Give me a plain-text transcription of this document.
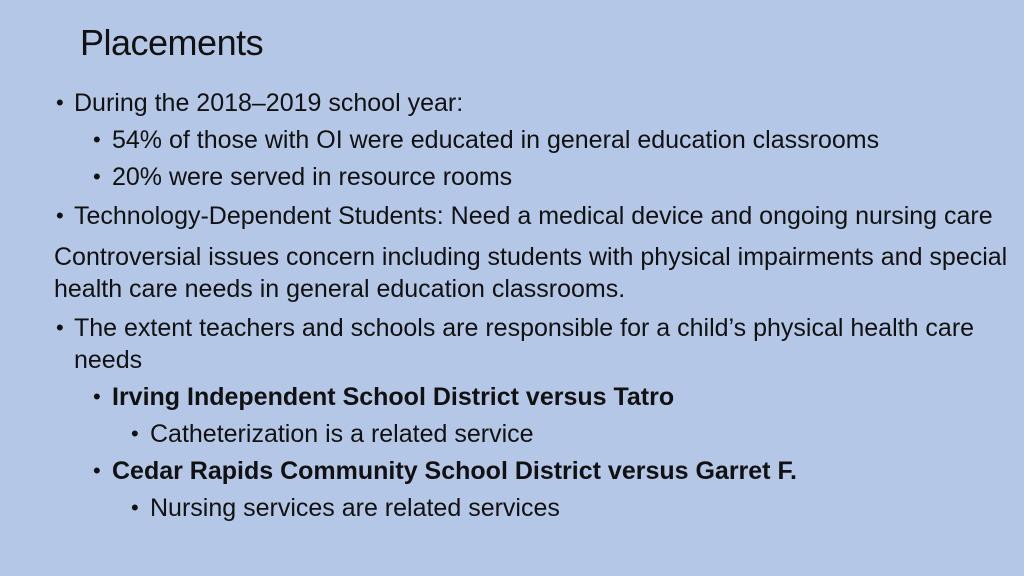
Placements
• During the 2018–2019 school year:
• 54% of those with OI were educated in general education classrooms
• 20% were served in resource rooms
• Technology-Dependent Students: Need a medical device and ongoing nursing care
Controversial issues concern including students with physical impairments and special health care needs in general education classrooms.
• The extent teachers and schools are responsible for a child’s physical health care needs
• Irving Independent School District versus Tatro
• Catheterization is a related service
• Cedar Rapids Community School District versus Garret F.
• Nursing services are related services
